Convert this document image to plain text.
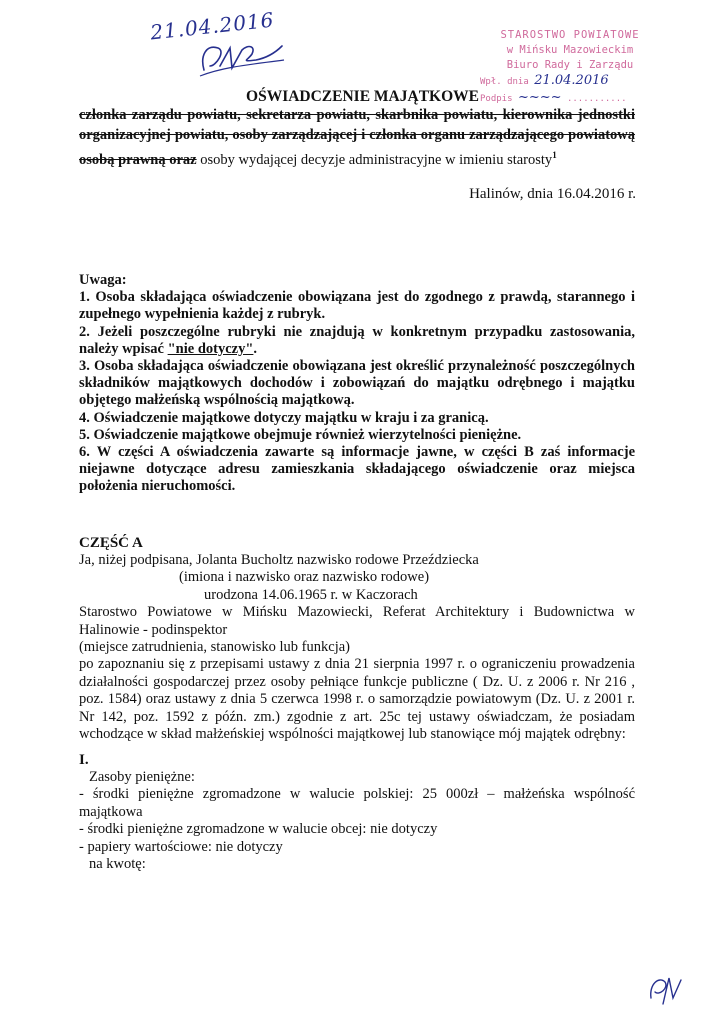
21.04.2016	STAROSTWO POWIATOWE
w Mińsku Mazowieckim
Biuro Rady i Zarządu
Wpł. dnia 21.04.2016
Podpis ~~~~ ...........
OŚWIADCZENIE MAJĄTKOWE
członka zarządu powiatu, sekretarza powiatu, skarbnika powiatu, kierownika jednostki organizacyjnej powiatu, osoby zarządzającej i członka organu zarządzającego powiatową osobą prawną oraz osoby wydającej decyzje administracyjne w imieniu starosty$^1$
Halinów, dnia 16.04.2016 r.

Uwaga:

1. Osoba składająca oświadczenie obowiązana jest do zgodnego z prawdą, starannego i zupełnego wypełnienia każdej z rubryk.

2. Jeżeli poszczególne rubryki nie znajdują w konkretnym przypadku zastosowania, należy wpisać "nie dotyczy".

3. Osoba składająca oświadczenie obowiązana jest określić przynależność poszczególnych składników majątkowych dochodów i zobowiązań do majątku odrębnego i majątku objętego małżeńską wspólnością majątkową.

4. Oświadczenie majątkowe dotyczy majątku w kraju i za granicą.

5. Oświadczenie majątkowe obejmuje również wierzytelności pieniężne.

6. W części A oświadczenia zawarte są informacje jawne, w części B zaś informacje niejawne dotyczące adresu zamieszkania składającego oświadczenie oraz miejsca położenia nieruchomości.

CZĘŚĆ A

Ja, niżej podpisana, Jolanta Bucholtz nazwisko rodowe Przeździecka

(imiona i nazwisko oraz nazwisko rodowe)

urodzona 14.06.1965 r. w Kaczorach

Starostwo Powiatowe w Mińsku Mazowiecki, Referat Architektury i Budownictwa w Halinowie - podinspektor

(miejsce zatrudnienia, stanowisko lub funkcja)

po zapoznaniu się z przepisami ustawy z dnia 21 sierpnia 1997 r. o ograniczeniu prowadzenia działalności gospodarczej przez osoby pełniące funkcje publiczne ( Dz. U. z 2006 r. Nr 216 , poz. 1584) oraz ustawy z dnia 5 czerwca 1998 r. o samorządzie powiatowym (Dz. U. z 2001 r. Nr 142, poz. 1592 z późn. zm.) zgodnie z art. 25c tej ustawy oświadczam, że posiadam wchodzące w skład małżeńskiej wspólności majątkowej lub stanowiące mój majątek odrębny:

I.

Zasoby pieniężne:

- środki pieniężne zgromadzone w walucie polskiej: 25 000zł – małżeńska wspólność majątkowa

- środki pieniężne zgromadzone w walucie obcej: nie dotyczy

- papiery wartościowe: nie dotyczy

na kwotę:
